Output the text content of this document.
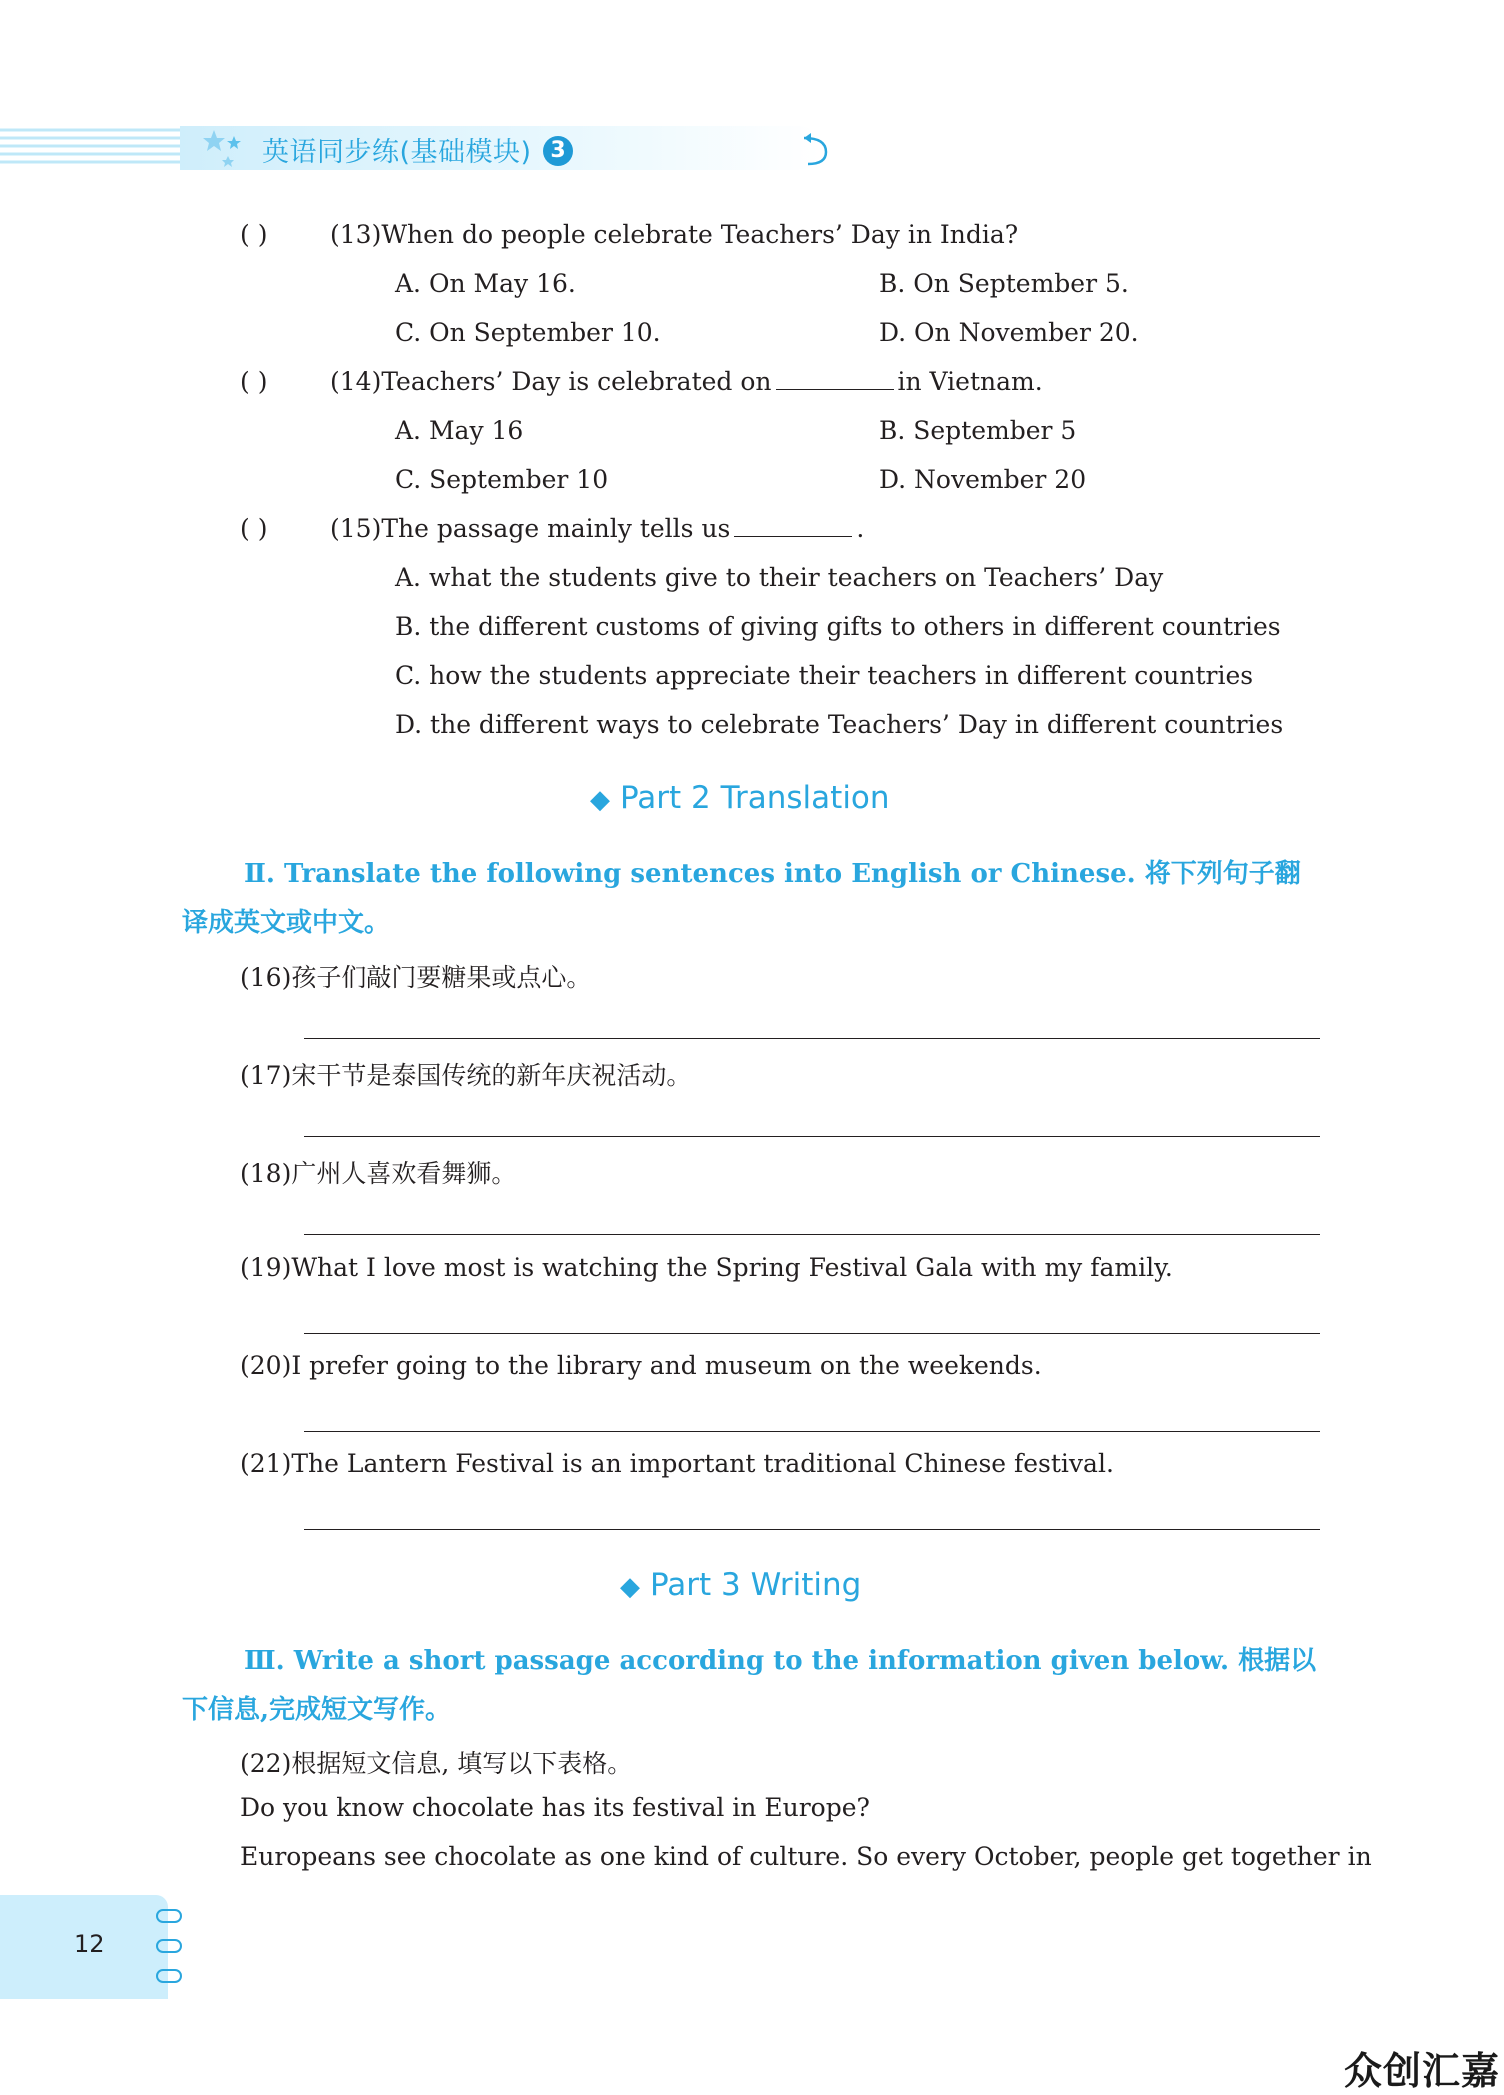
英语同步练(基础模块) 3
( )	(13)When do people celebrate Teachers’ Day in India?
A. On May 16.	B. On September 5.
C. On September 10.	D. On November 20.
( )	(14)Teachers’ Day is celebrated on	in Vietnam.
A. May 16	B. September 5
C. September 10	D. November 20
( )	(15)The passage mainly tells us	.
A. what the students give to their teachers on Teachers’ Day
B. the different customs of giving gifts to others in different countries
C. how the students appreciate their teachers in different countries
D. the different ways to celebrate Teachers’ Day in different countries
◆ Part 2 Translation
Ⅱ. Translate the following sentences into English or Chinese. 将下列句子翻译成英文或中文。
(16)孩子们敲门要糖果或点心。
(17)宋干节是泰国传统的新年庆祝活动。
(18)广州人喜欢看舞狮。
(19)What I love most is watching the Spring Festival Gala with my family.
(20)I prefer going to the library and museum on the weekends.
(21)The Lantern Festival is an important traditional Chinese festival.
◆ Part 3 Writing
Ⅲ. Write a short passage according to the information given below. 根据以下信息,完成短文写作。
(22)根据短文信息, 填写以下表格。
Do you know chocolate has its festival in Europe?
Europeans see chocolate as one kind of culture. So every October, people get together in
12
众创汇嘉
